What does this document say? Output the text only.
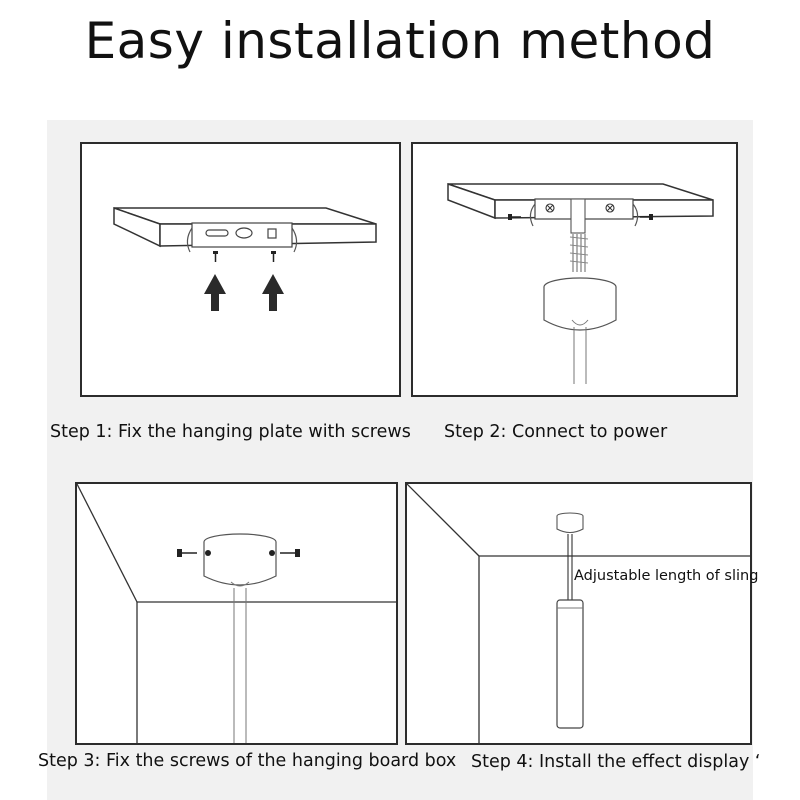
Easy installation method
Adjustable length of sling
Step 1: Fix the hanging plate with screws Step 2: Connect to power
Step 3: Fix the screws of the hanging board box Step 4: Install the effect display ‘
